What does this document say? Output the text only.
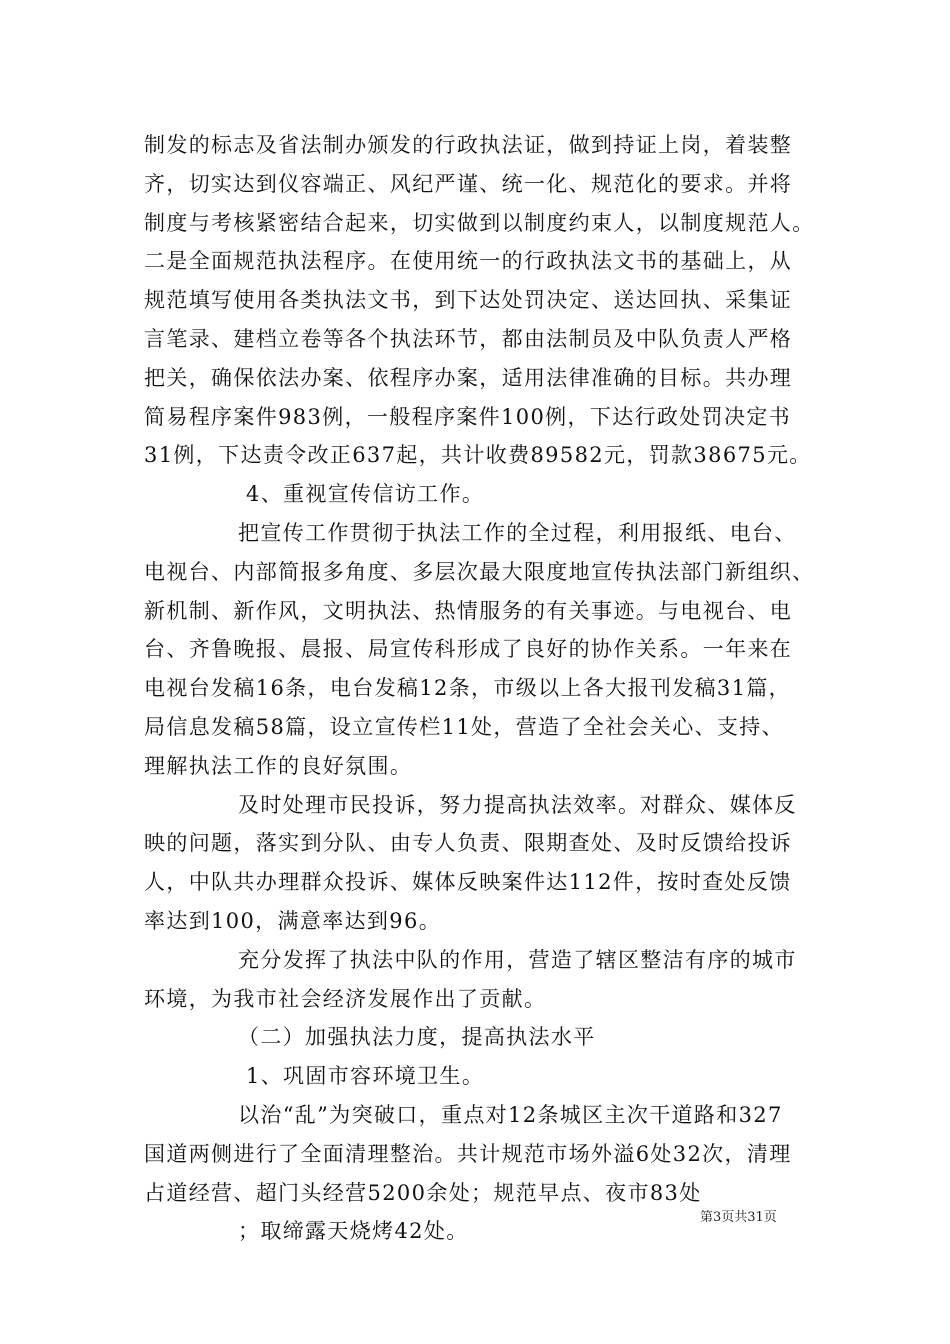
制发的标志及省法制办颁发的行政执法证，做到持证上岗，着装整

齐，切实达到仪容端正、风纪严谨、统一化、规范化的要求。并将

制度与考核紧密结合起来，切实做到以制度约束人，以制度规范人。

二是全面规范执法程序。在使用统一的行政执法文书的基础上，从

规范填写使用各类执法文书，到下达处罚决定、送达回执、采集证

言笔录、建档立卷等各个执法环节，都由法制员及中队负责人严格

把关，确保依法办案、依程序办案，适用法律准确的目标。共办理

简易程序案件983例，一般程序案件100例，下达行政处罚决定书

31例，下达责令改正637起，共计收费89582元，罚款38675元。

4、重视宣传信访工作。

把宣传工作贯彻于执法工作的全过程，利用报纸、电台、

电视台、内部简报多角度、多层次最大限度地宣传执法部门新组织、

新机制、新作风，文明执法、热情服务的有关事迹。与电视台、电

台、齐鲁晚报、晨报、局宣传科形成了良好的协作关系。一年来在

电视台发稿16条，电台发稿12条，市级以上各大报刊发稿31篇，

局信息发稿58篇，设立宣传栏11处，营造了全社会关心、支持、

理解执法工作的良好氛围。

及时处理市民投诉，努力提高执法效率。对群众、媒体反

映的问题，落实到分队、由专人负责、限期查处、及时反馈给投诉

人，中队共办理群众投诉、媒体反映案件达112件，按时查处反馈

率达到100，满意率达到96。

充分发挥了执法中队的作用，营造了辖区整洁有序的城市

环境，为我市社会经济发展作出了贡献。

（二）加强执法力度，提高执法水平

1、巩固市容环境卫生。

以治“乱”为突破口，重点对12条城区主次干道路和327

国道两侧进行了全面清理整治。共计规范市场外溢6处32次，清理

占道经营、超门头经营5200余处；规范早点、夜市83处

；取缔露天烧烤42处。

第3页共31页
